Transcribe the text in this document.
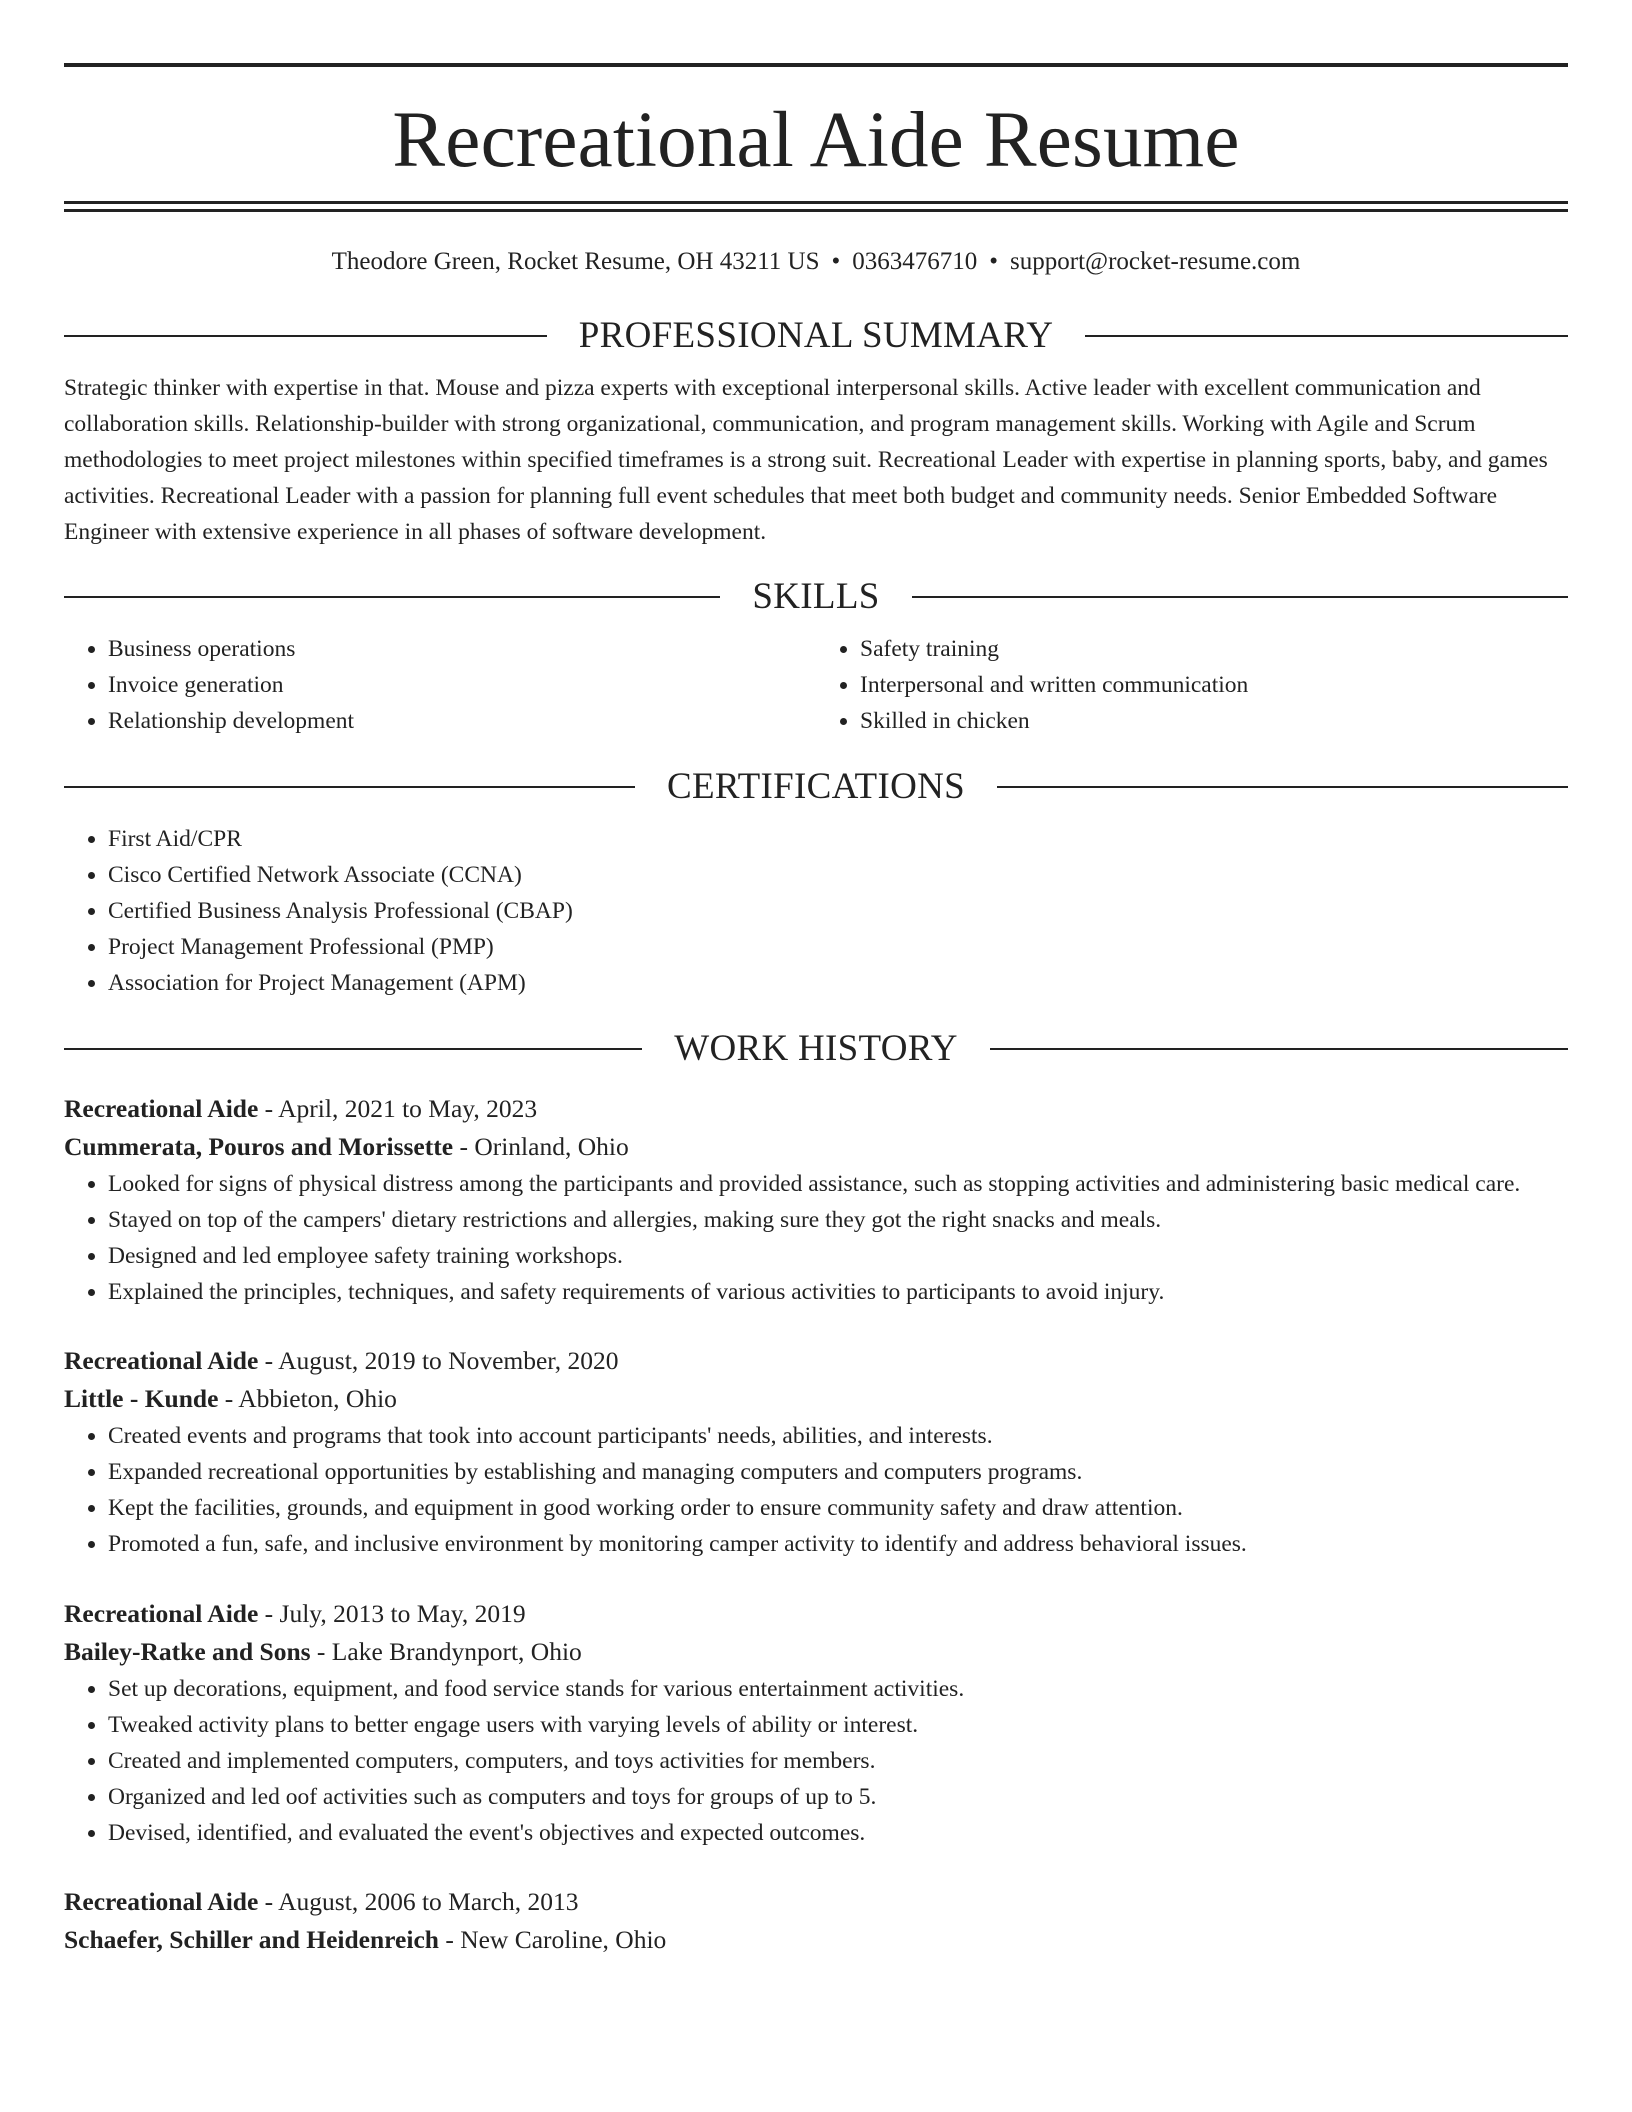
Recreational Aide Resume
Theodore Green, Rocket Resume, OH 43211 US • 0363476710 • support@rocket-resume.com
PROFESSIONAL SUMMARY

Strategic thinker with expertise in that. Mouse and pizza experts with exceptional interpersonal skills. Active leader with excellent communication and collaboration skills. Relationship-builder with strong organizational, communication, and program management skills. Working with Agile and Scrum methodologies to meet project milestones within specified timeframes is a strong suit. Recreational Leader with expertise in planning sports, baby, and games activities. Recreational Leader with a passion for planning full event schedules that meet both budget and community needs. Senior Embedded Software Engineer with extensive experience in all phases of software development.

SKILLS
• Business operations
• Invoice generation
• Relationship development
• Safety training
• Interpersonal and written communication
• Skilled in chicken
CERTIFICATIONS
• First Aid/CPR
• Cisco Certified Network Associate (CCNA)
• Certified Business Analysis Professional (CBAP)
• Project Management Professional (PMP)
• Association for Project Management (APM)
WORK HISTORY
Recreational Aide - April, 2021 to May, 2023
Cummerata, Pouros and Morissette - Orinland, Ohio
• Looked for signs of physical distress among the participants and provided assistance, such as stopping activities and administering basic medical care.
• Stayed on top of the campers' dietary restrictions and allergies, making sure they got the right snacks and meals.
• Designed and led employee safety training workshops.
• Explained the principles, techniques, and safety requirements of various activities to participants to avoid injury.
Recreational Aide - August, 2019 to November, 2020
Little - Kunde - Abbieton, Ohio
• Created events and programs that took into account participants' needs, abilities, and interests.
• Expanded recreational opportunities by establishing and managing computers and computers programs.
• Kept the facilities, grounds, and equipment in good working order to ensure community safety and draw attention.
• Promoted a fun, safe, and inclusive environment by monitoring camper activity to identify and address behavioral issues.
Recreational Aide - July, 2013 to May, 2019
Bailey-Ratke and Sons - Lake Brandynport, Ohio
• Set up decorations, equipment, and food service stands for various entertainment activities.
• Tweaked activity plans to better engage users with varying levels of ability or interest.
• Created and implemented computers, computers, and toys activities for members.
• Organized and led oof activities such as computers and toys for groups of up to 5.
• Devised, identified, and evaluated the event's objectives and expected outcomes.
Recreational Aide - August, 2006 to March, 2013
Schaefer, Schiller and Heidenreich - New Caroline, Ohio
